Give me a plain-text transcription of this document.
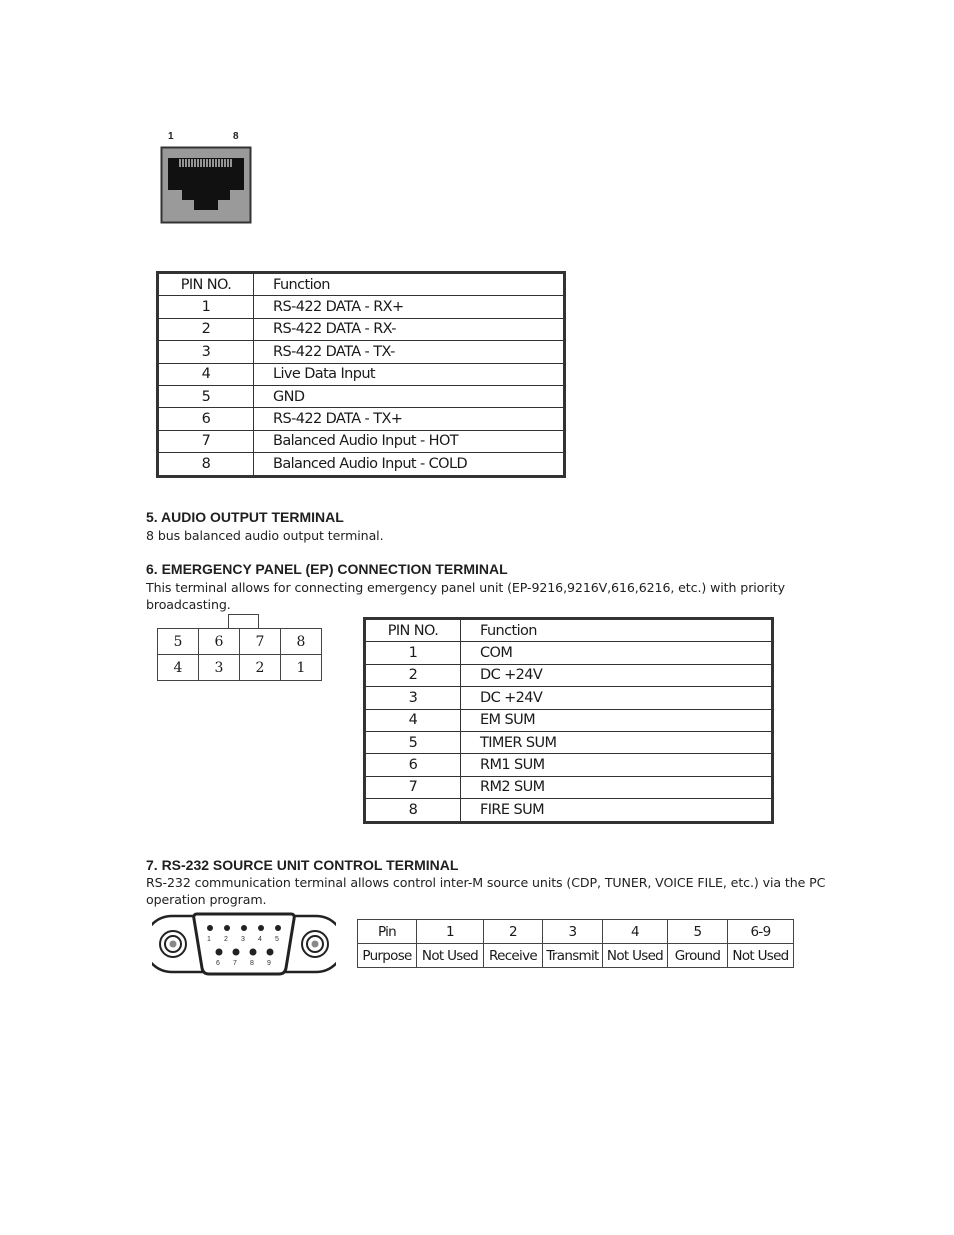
1	8
PIN NO.	Function
1	RS-422 DATA - RX+
2	RS-422 DATA - RX-
3	RS-422 DATA - TX-
4	Live Data Input
5	GND
6	RS-422 DATA - TX+
7	Balanced Audio Input - HOT
8	Balanced Audio Input - COLD
5. AUDIO OUTPUT TERMINAL

8 bus balanced audio output terminal.

6. EMERGENCY PANEL (EP) CONNECTION TERMINAL

This terminal allows for connecting emergency panel unit (EP-9216,9216V,616,6216, etc.) with priority broadcasting.

5	6	7	8
4	3	2	1
PIN NO.	Function
1	COM
2	DC +24V
3	DC +24V
4	EM SUM
5	TIMER SUM
6	RM1 SUM
7	RM2 SUM
8	FIRE SUM
7. RS-232 SOURCE UNIT CONTROL TERMINAL

RS-232 communication terminal allows control inter-M source units (CDP, TUNER, VOICE FILE, etc.) via the PC operation program.

1 2 3 4 5
6 7 8 9
Pin	1	2	3	4	5	6-9
Purpose	Not Used	Receive	Transmit	Not Used	Ground	Not Used
